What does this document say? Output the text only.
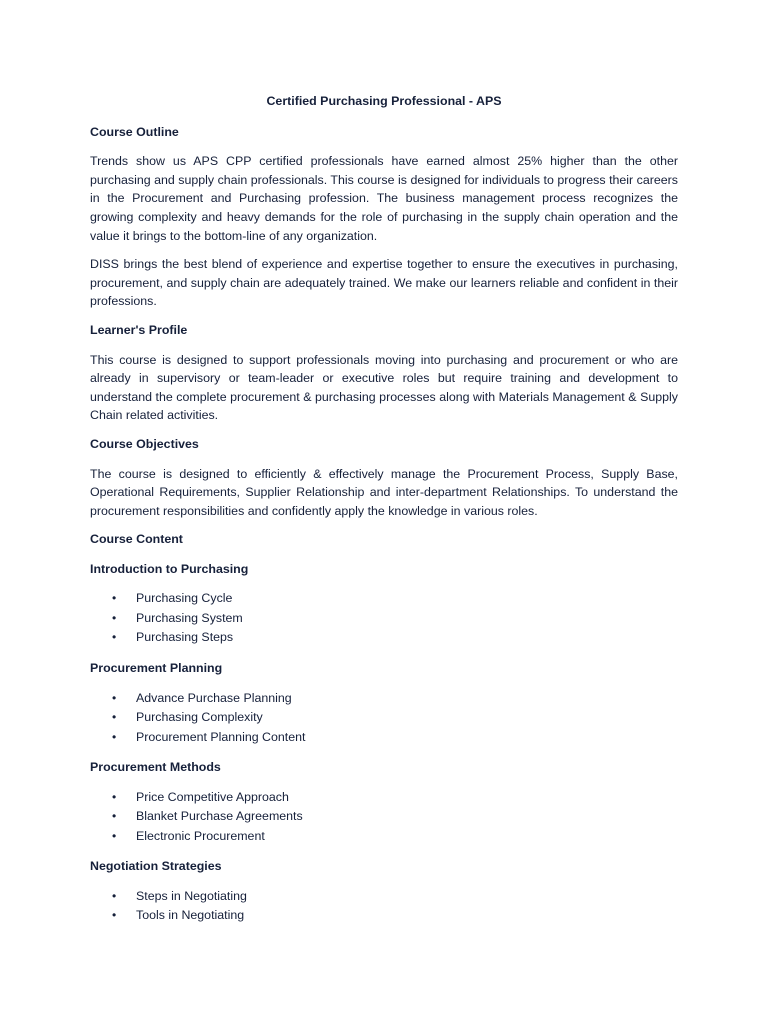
Certified Purchasing Professional - APS
Course Outline

Trends show us APS CPP certified professionals have earned almost 25% higher than the other purchasing and supply chain professionals. This course is designed for individuals to progress their careers in the Procurement and Purchasing profession. The business management process recognizes the growing complexity and heavy demands for the role of purchasing in the supply chain operation and the value it brings to the bottom-line of any organization.

DISS brings the best blend of experience and expertise together to ensure the executives in purchasing, procurement, and supply chain are adequately trained. We make our learners reliable and confident in their professions.

Learner's Profile

This course is designed to support professionals moving into purchasing and procurement or who are already in supervisory or team-leader or executive roles but require training and development to understand the complete procurement & purchasing processes along with Materials Management & Supply Chain related activities.

Course Objectives

The course is designed to efficiently & effectively manage the Procurement Process, Supply Base, Operational Requirements, Supplier Relationship and inter-department Relationships. To understand the procurement responsibilities and confidently apply the knowledge in various roles.

Course Content
Introduction to Purchasing
• Purchasing Cycle
• Purchasing System
• Purchasing Steps
Procurement Planning
• Advance Purchase Planning
• Purchasing Complexity
• Procurement Planning Content
Procurement Methods
• Price Competitive Approach
• Blanket Purchase Agreements
• Electronic Procurement
Negotiation Strategies
• Steps in Negotiating
• Tools in Negotiating
